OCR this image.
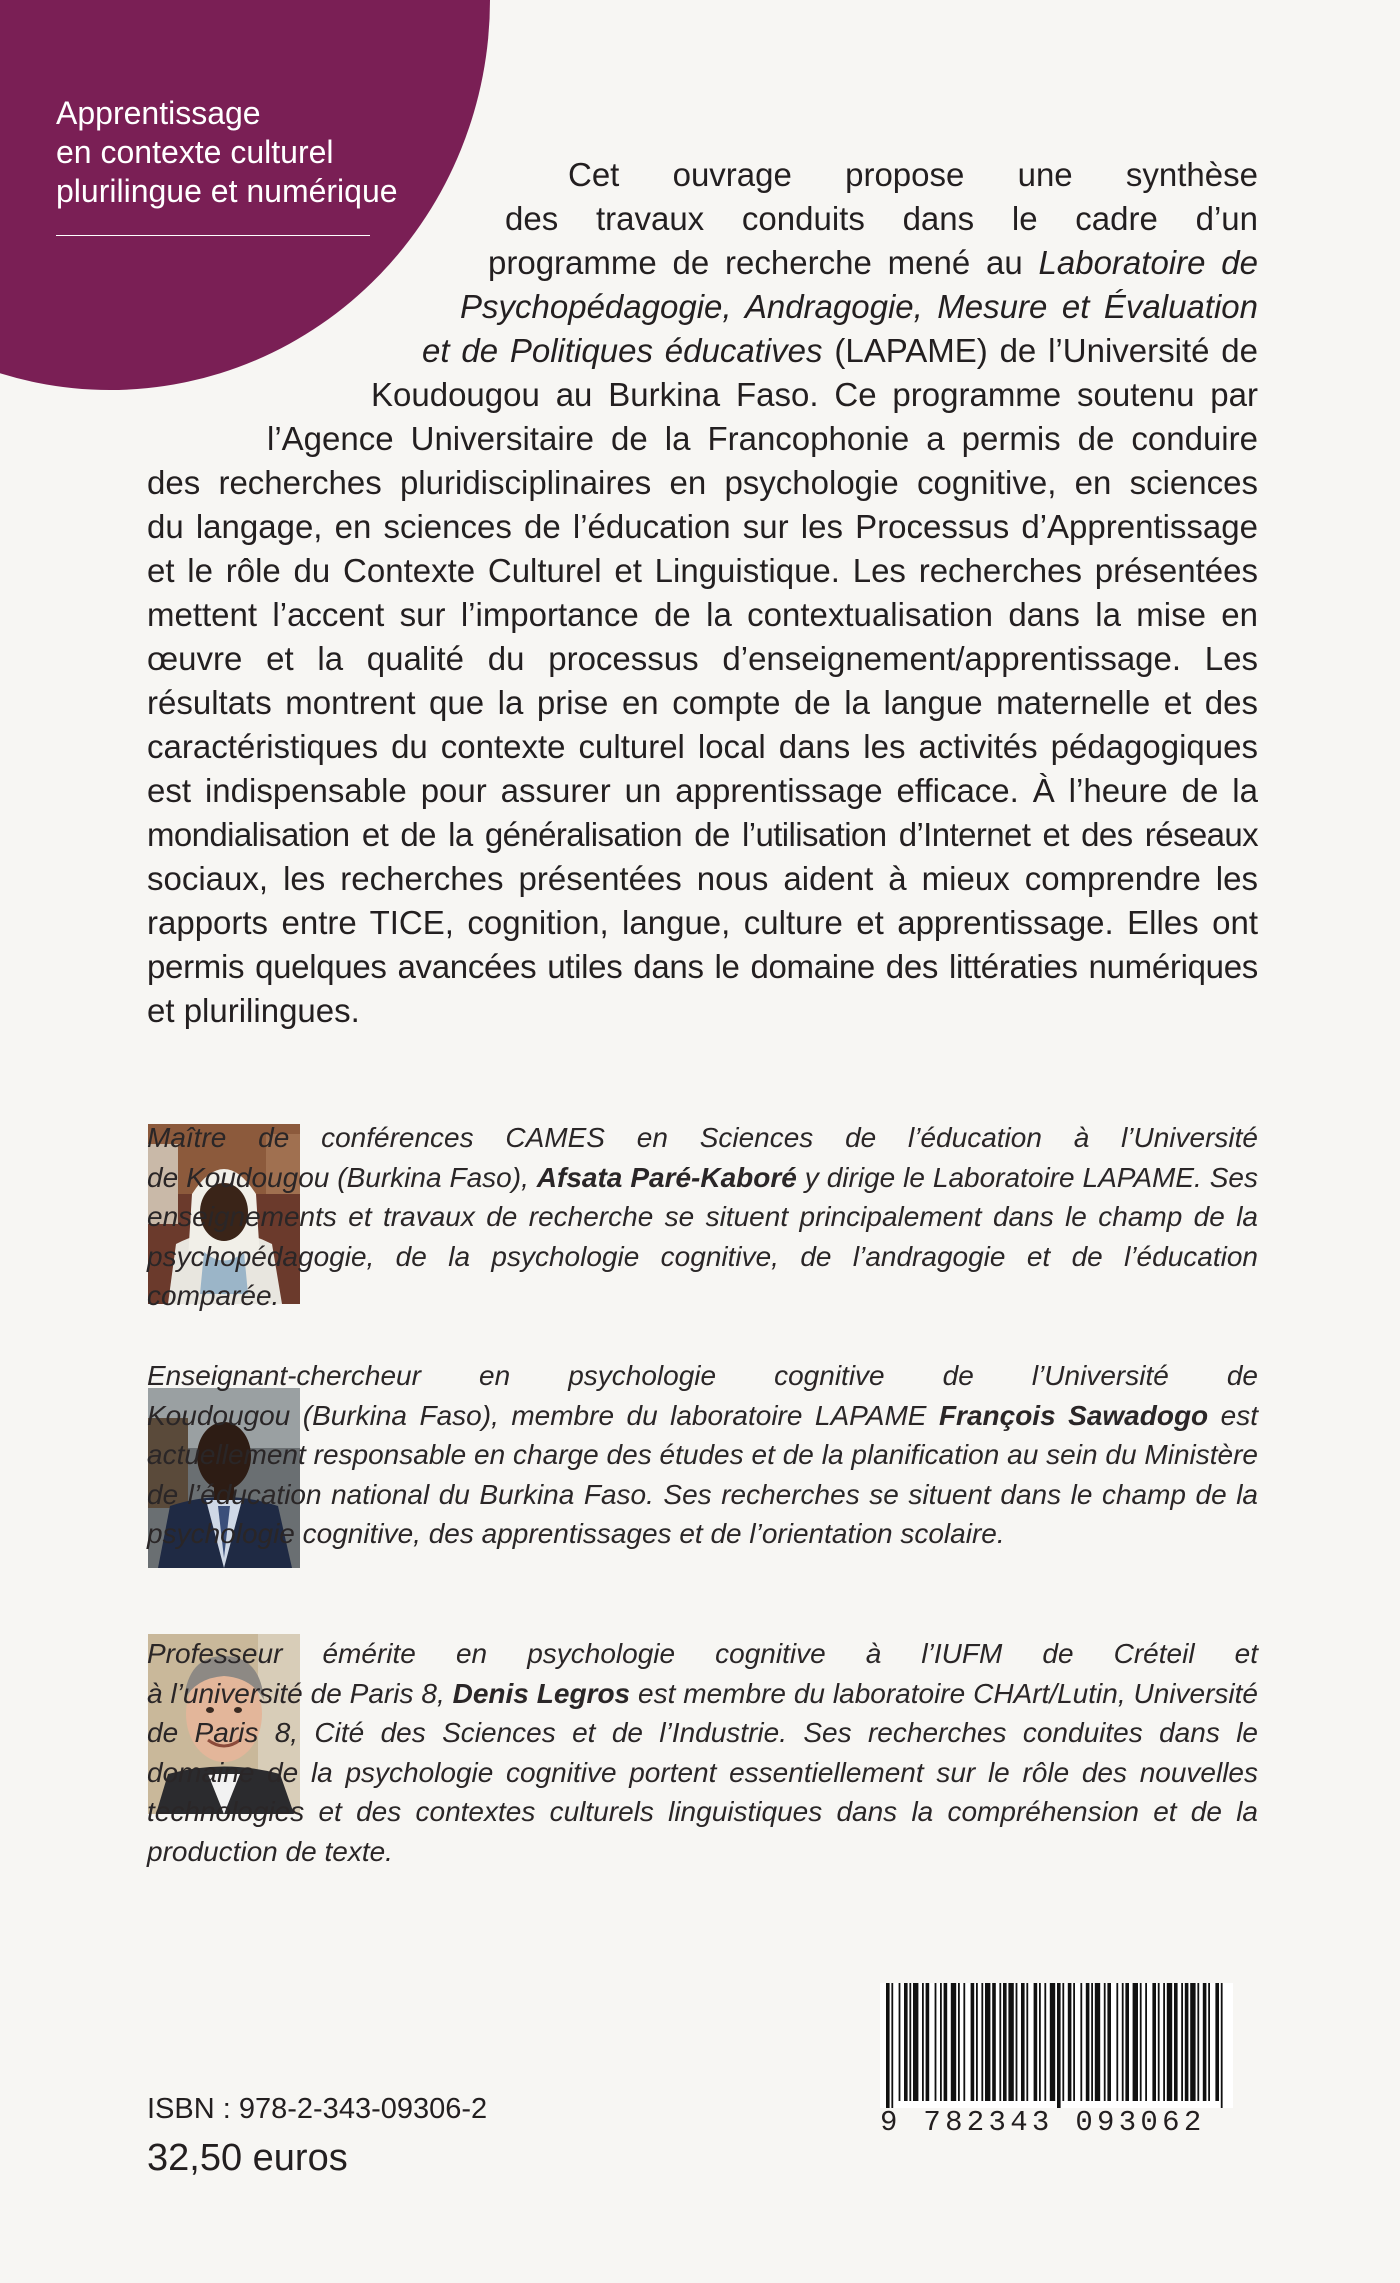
Apprentissage
en contexte culturel
plurilingue et numérique	Cet ouvrage propose une synthèse
des travaux conduits dans le cadre d’un
programme de recherche mené au Laboratoire de
Psychopédagogie, Andragogie, Mesure et Évaluation
et de Politiques éducatives (LAPAME) de l’Université de
Koudougou au Burkina Faso. Ce programme soutenu par
l’Agence Universitaire de la Francophonie a permis de conduire
des recherches pluridisciplinaires en psychologie cognitive, en sciences
du langage, en sciences de l’éducation sur les Processus d’Apprentissage
et le rôle du Contexte Culturel et Linguistique. Les recherches présentées
mettent l’accent sur l’importance de la contextualisation dans la mise en
œuvre et la qualité du processus d’enseignement/apprentissage. Les
résultats montrent que la prise en compte de la langue maternelle et des
caractéristiques du contexte culturel local dans les activités pédagogiques
est indispensable pour assurer un apprentissage efficace. À l’heure de la
mondialisation et de la généralisation de l’utilisation d’Internet et des réseaux
sociaux, les recherches présentées nous aident à mieux comprendre les
rapports entre TICE, cognition, langue, culture et apprentissage. Elles ont
permis quelques avancées utiles dans le domaine des littératies numériques
et plurilingues.
Maître de conférences CAMES en Sciences de l’éducation à l’Université
de Koudougou (Burkina Faso), Afsata Paré-Kaboré y dirige le Laboratoire LAPAME. Ses enseignements et travaux de recherche se situent principalement dans le champ de la psychopédagogie, de la psychologie cognitive, de l’andragogie et de l’éducation comparée.
Enseignant-chercheur en psychologie cognitive de l’Université de
Koudougou (Burkina Faso), membre du laboratoire LAPAME François Sawadogo est actuellement responsable en charge des études et de la planification au sein du Ministère de l’éducation national du Burkina Faso. Ses recherches se situent dans le champ de la psychologie cognitive, des apprentissages et de l’orientation scolaire.
Professeur émérite en psychologie cognitive à l’IUFM de Créteil et
à l’université de Paris 8, Denis Legros est membre du laboratoire CHArt/Lutin, Université de Paris 8, Cité des Sciences et de l’Industrie. Ses recherches conduites dans le domaine de la psychologie cognitive portent essentiellement sur le rôle des nouvelles technologies et des contextes culturels linguistiques dans la compréhension et de la production de texte.

ISBN : 978-2-343-09306-2

32,50 euros

9 782343 093062
